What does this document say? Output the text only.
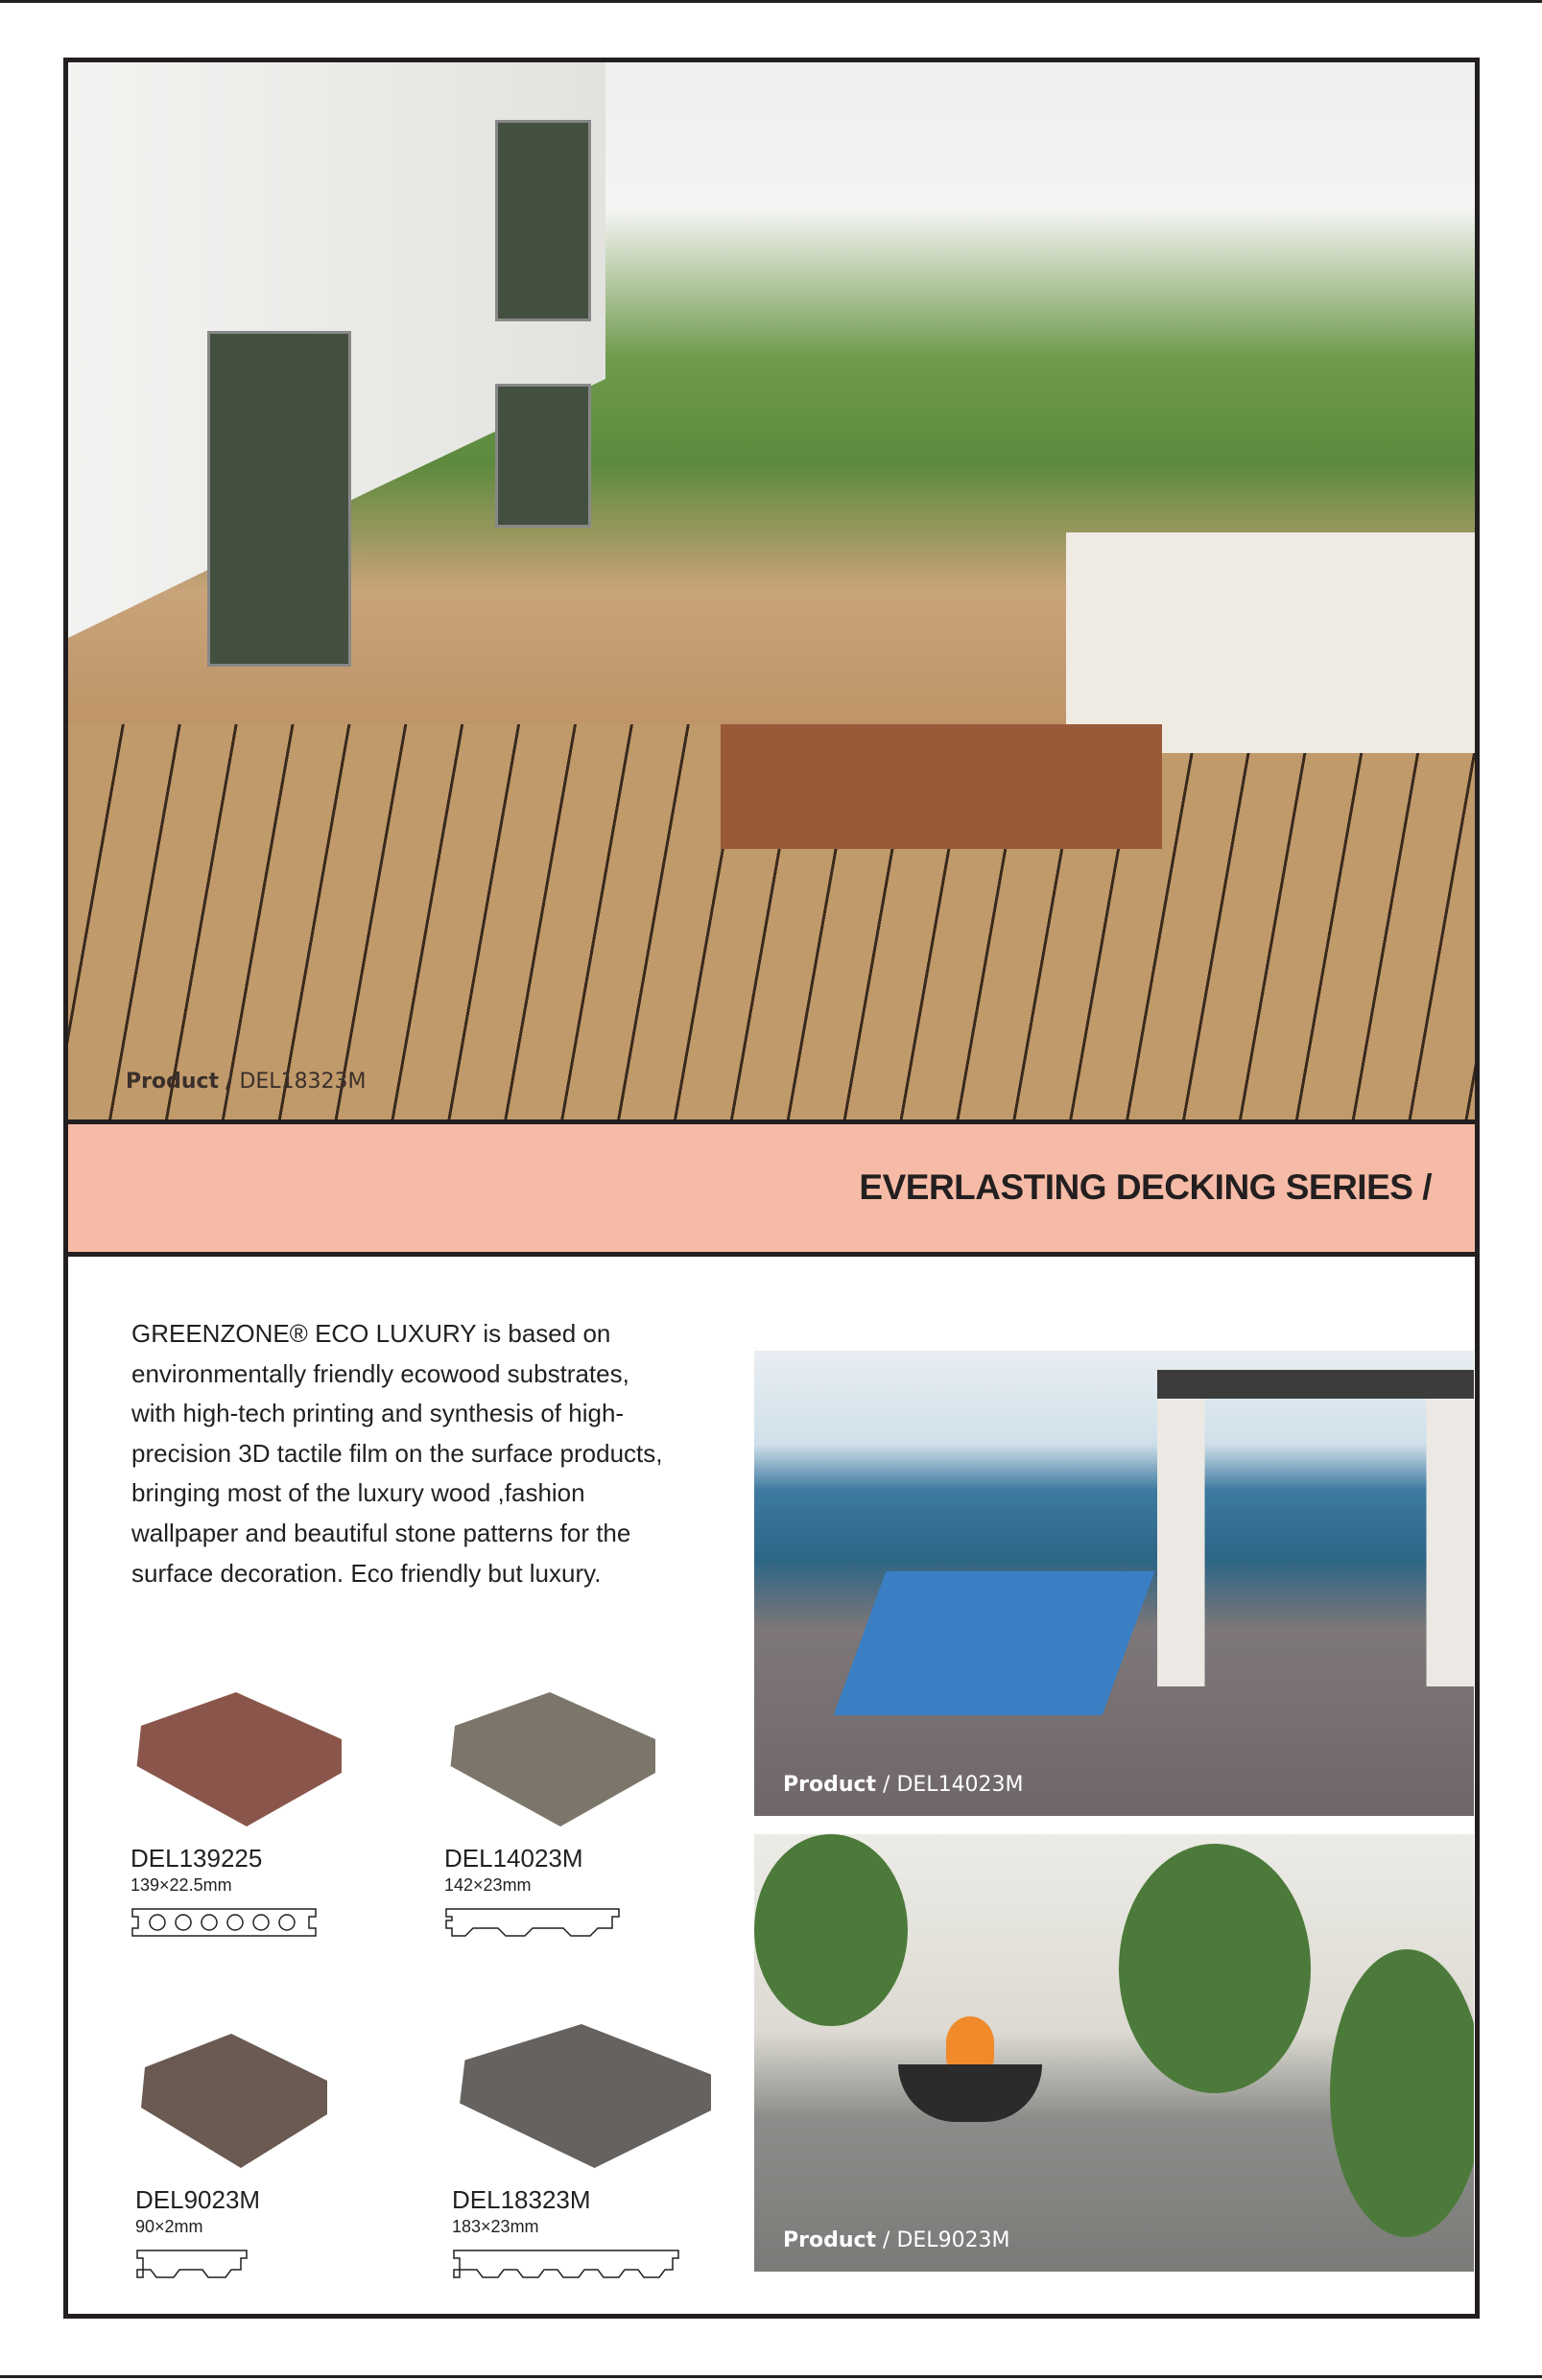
Product / DEL18323M
EVERLASTING DECKING SERIES /

GREENZONE® ECO LUXURY is based on environmentally friendly ecowood substrates, with high-tech printing and synthesis of high-precision 3D tactile film on the surface products, bringing most of the luxury wood ,fashion wallpaper and beautiful stone patterns for the surface decoration. Eco friendly but luxury.

Product / DEL14023M
Product / DEL9023M
DEL139225
139×22.5mm
DEL14023M
142×23mm
DEL9023M
90×2mm
DEL18323M
183×23mm
